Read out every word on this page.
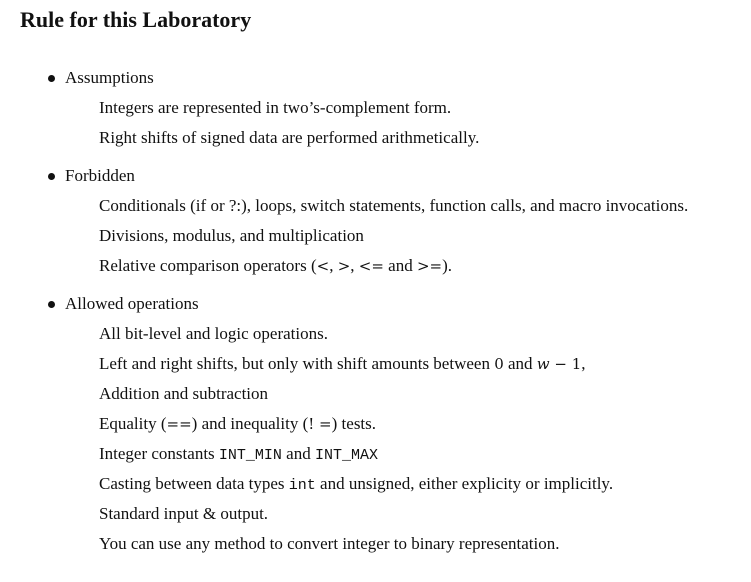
Rule for this Laboratory
Assumptions
Integers are represented in two’s-complement form.
Right shifts of signed data are performed arithmetically.
Forbidden
Conditionals (if or ?:), loops, switch statements, function calls, and macro invocations.
Divisions, modulus, and multiplication
Relative comparison operators (<, >, <= and >=).
Allowed operations
All bit-level and logic operations.
Left and right shifts, but only with shift amounts between 0 and w − 1,
Addition and subtraction
Equality (==) and inequality (! =) tests.
Integer constants INT_MIN and INT_MAX
Casting between data types int and unsigned, either explicity or implicitly.
Standard input & output.
You can use any method to convert integer to binary representation.
